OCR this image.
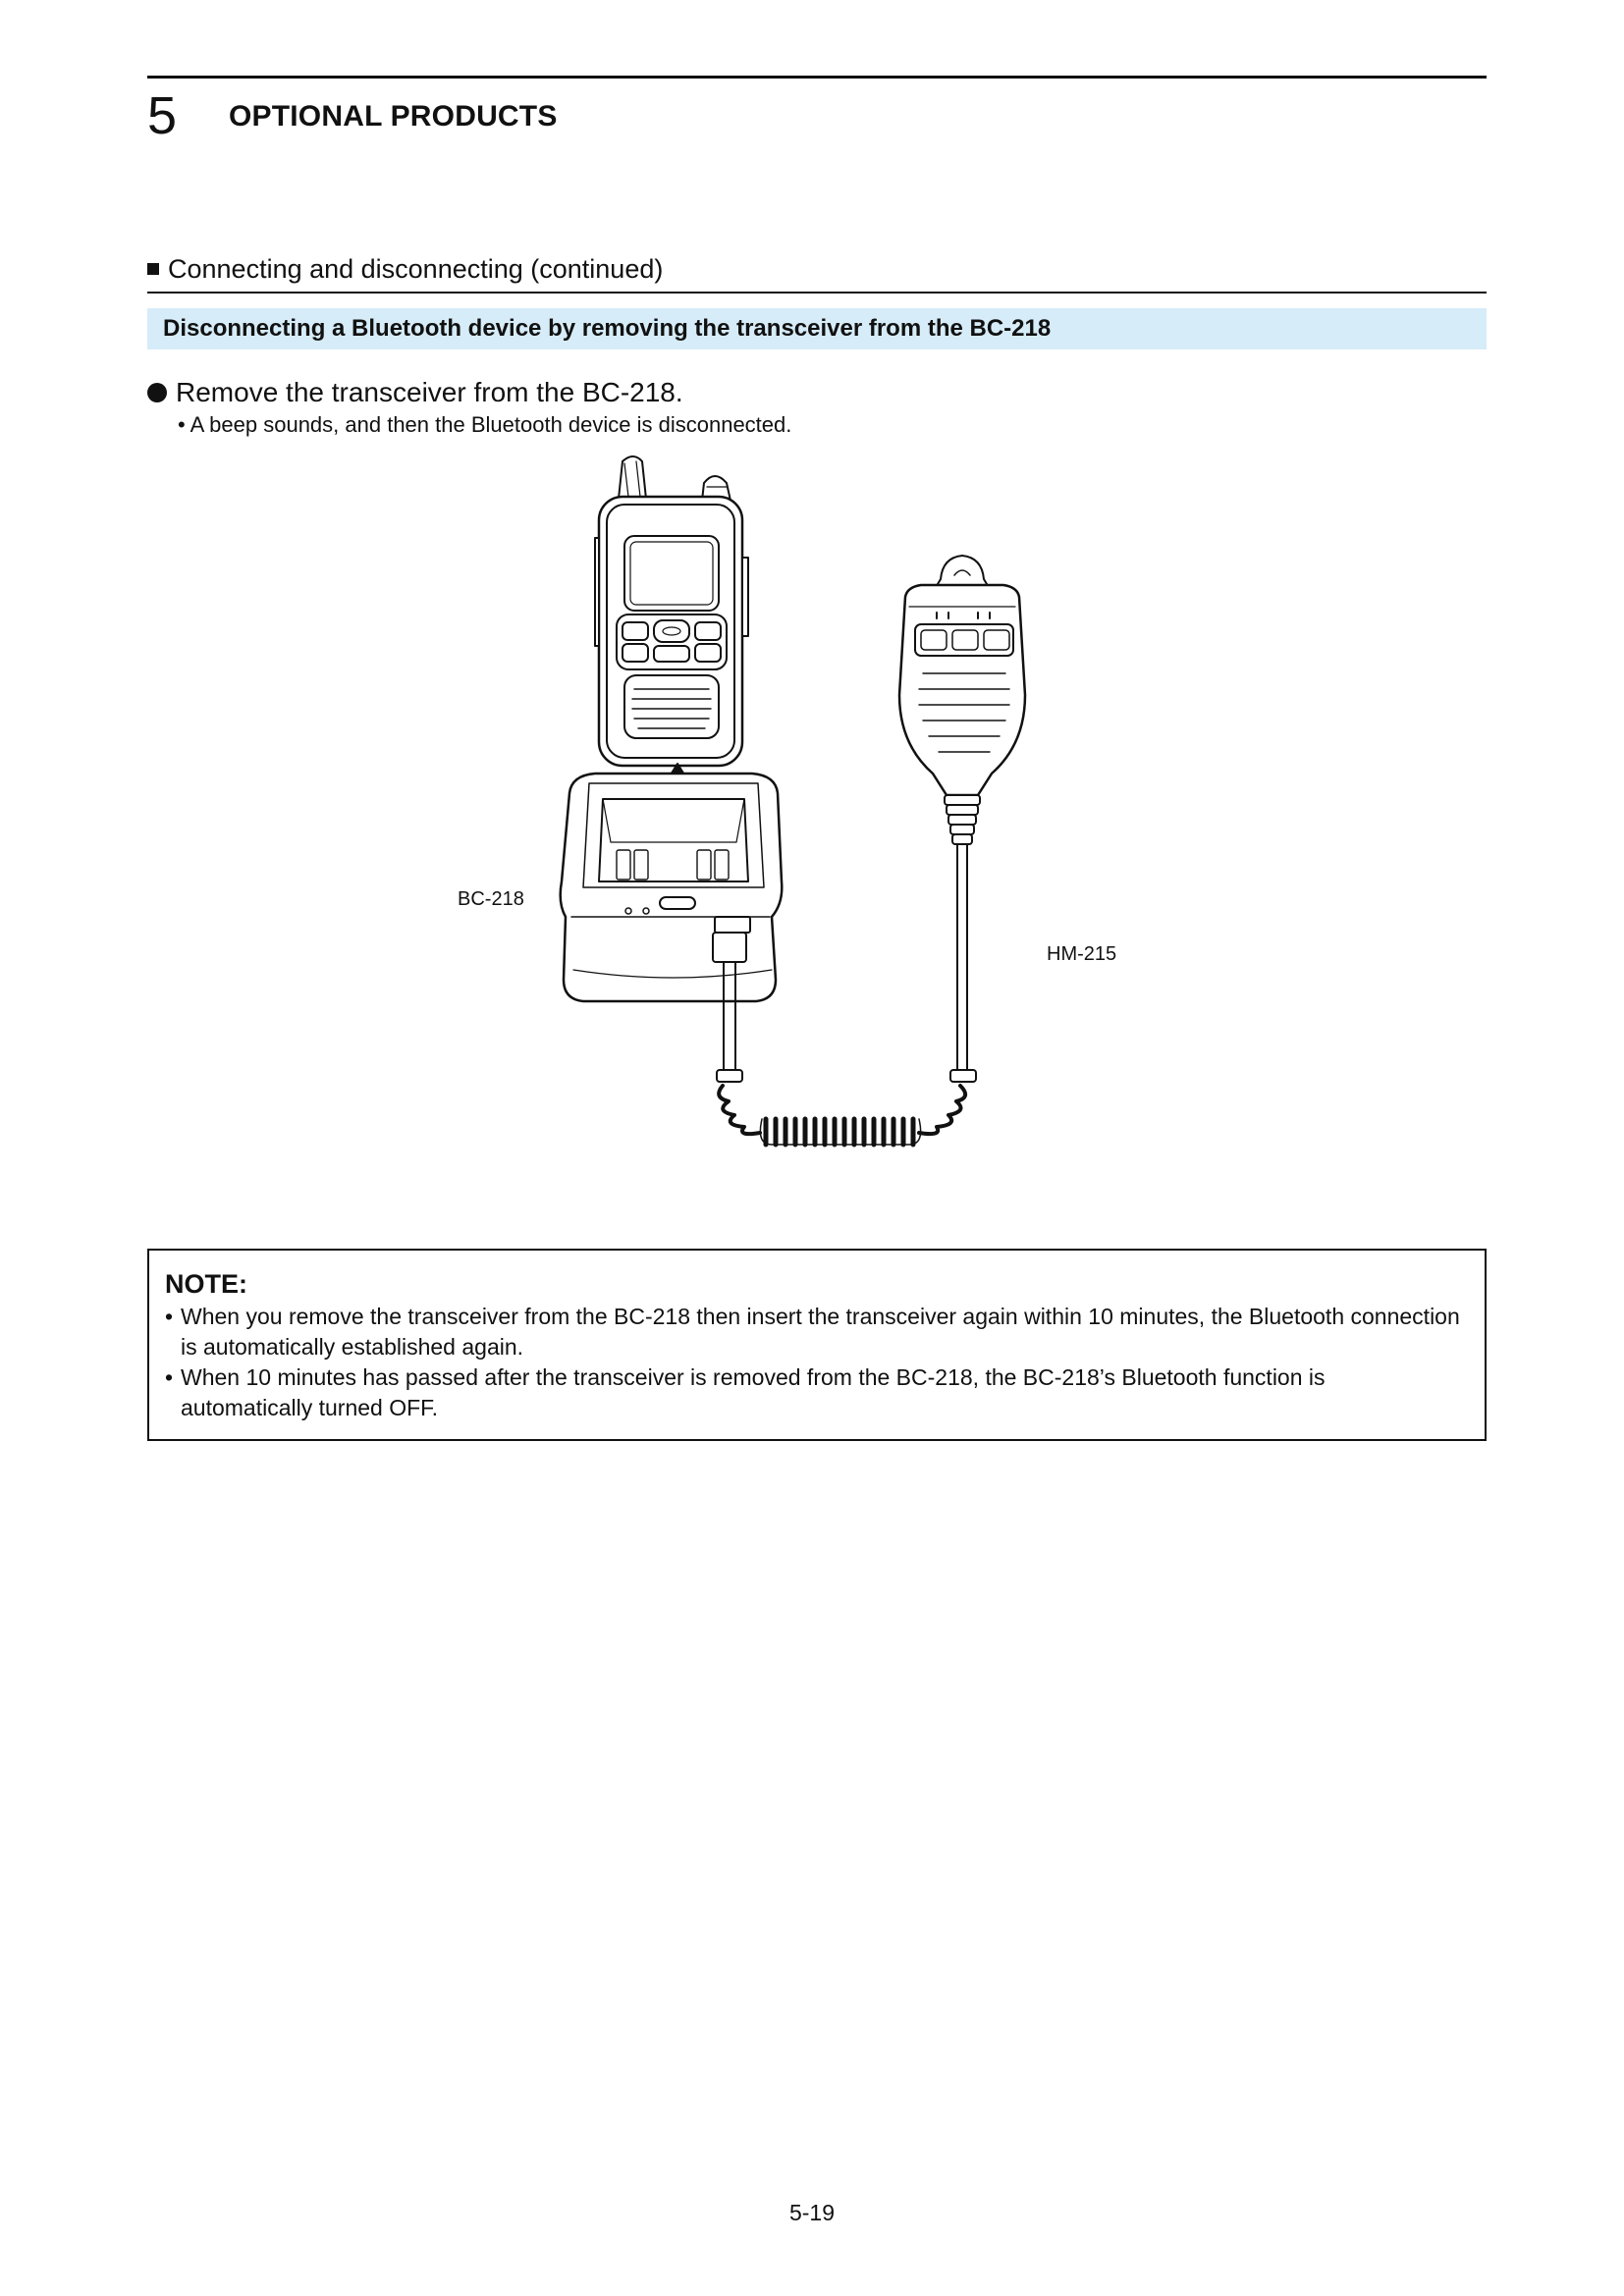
5 OPTIONAL PRODUCTS
Connecting and disconnecting (continued)
Disconnecting a Bluetooth device by removing the transceiver from the BC-218
Remove the transceiver from the BC-218.
• A beep sounds, and then the Bluetooth device is disconnected.
BC-218
HM-215
NOTE:
• When you remove the transceiver from the BC-218 then insert the transceiver again within 10 minutes, the Bluetooth connection is automatically established again.
• When 10 minutes has passed after the transceiver is removed from the BC-218, the BC-218’s Bluetooth function is automatically turned OFF.
5-19
